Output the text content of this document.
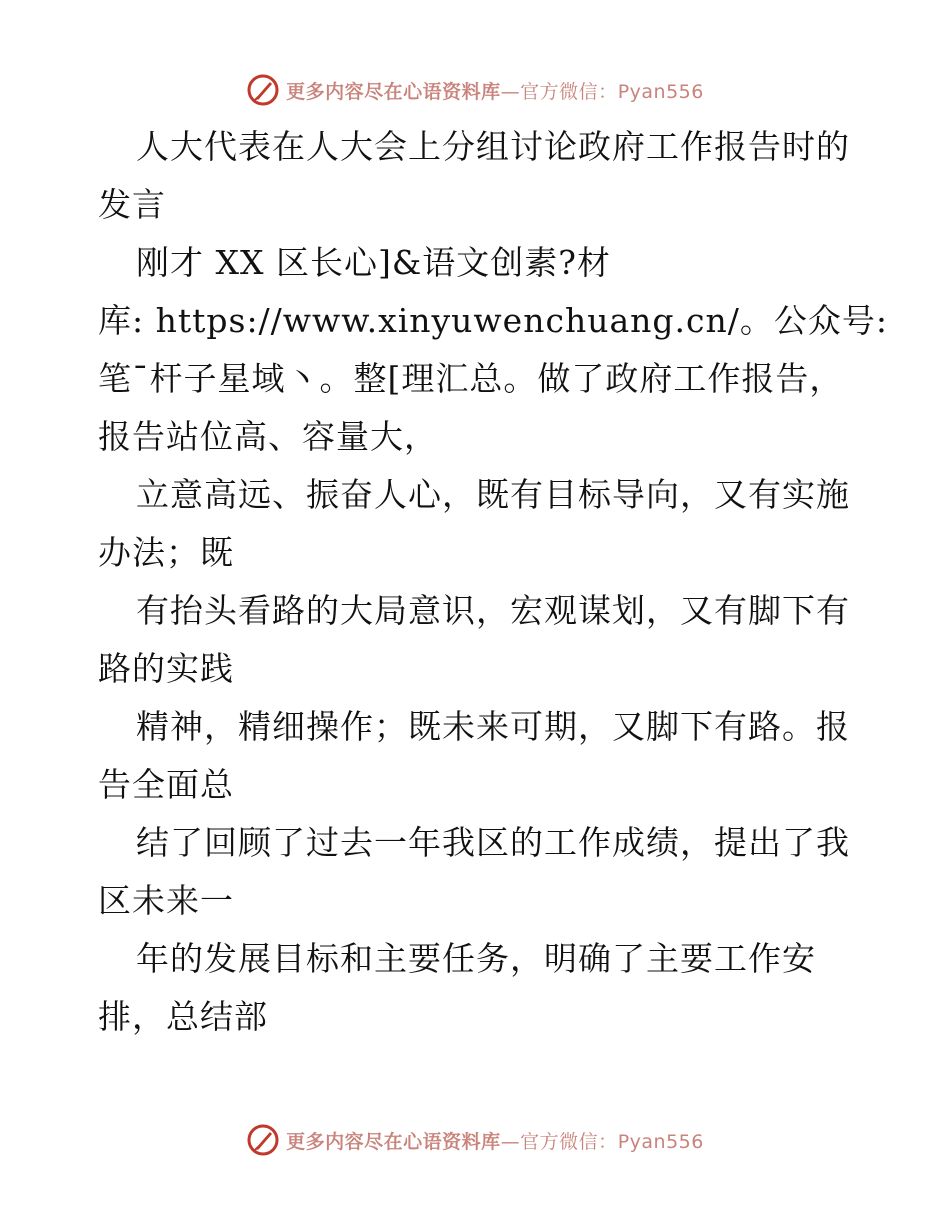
更多内容尽在心语资料库—官方微信：Pyan556
人大代表在人大会上分组讨论政府工作报告时的
发言
刚才 XX 区长心]&语文创素?材
库: https://www.xinyuwenchuang.cn/。公众号:
笔¯杆子星域丶。整[理汇总。做了政府工作报告，
报告站位高、容量大，
立意高远、振奋人心，既有目标导向，又有实施
办法；既
有抬头看路的大局意识，宏观谋划，又有脚下有
路的实践
精神，精细操作；既未来可期，又脚下有路。报
告全面总
结了回顾了过去一年我区的工作成绩，提出了我
区未来一
年的发展目标和主要任务，明确了主要工作安
排，总结部
更多内容尽在心语资料库—官方微信：Pyan556
